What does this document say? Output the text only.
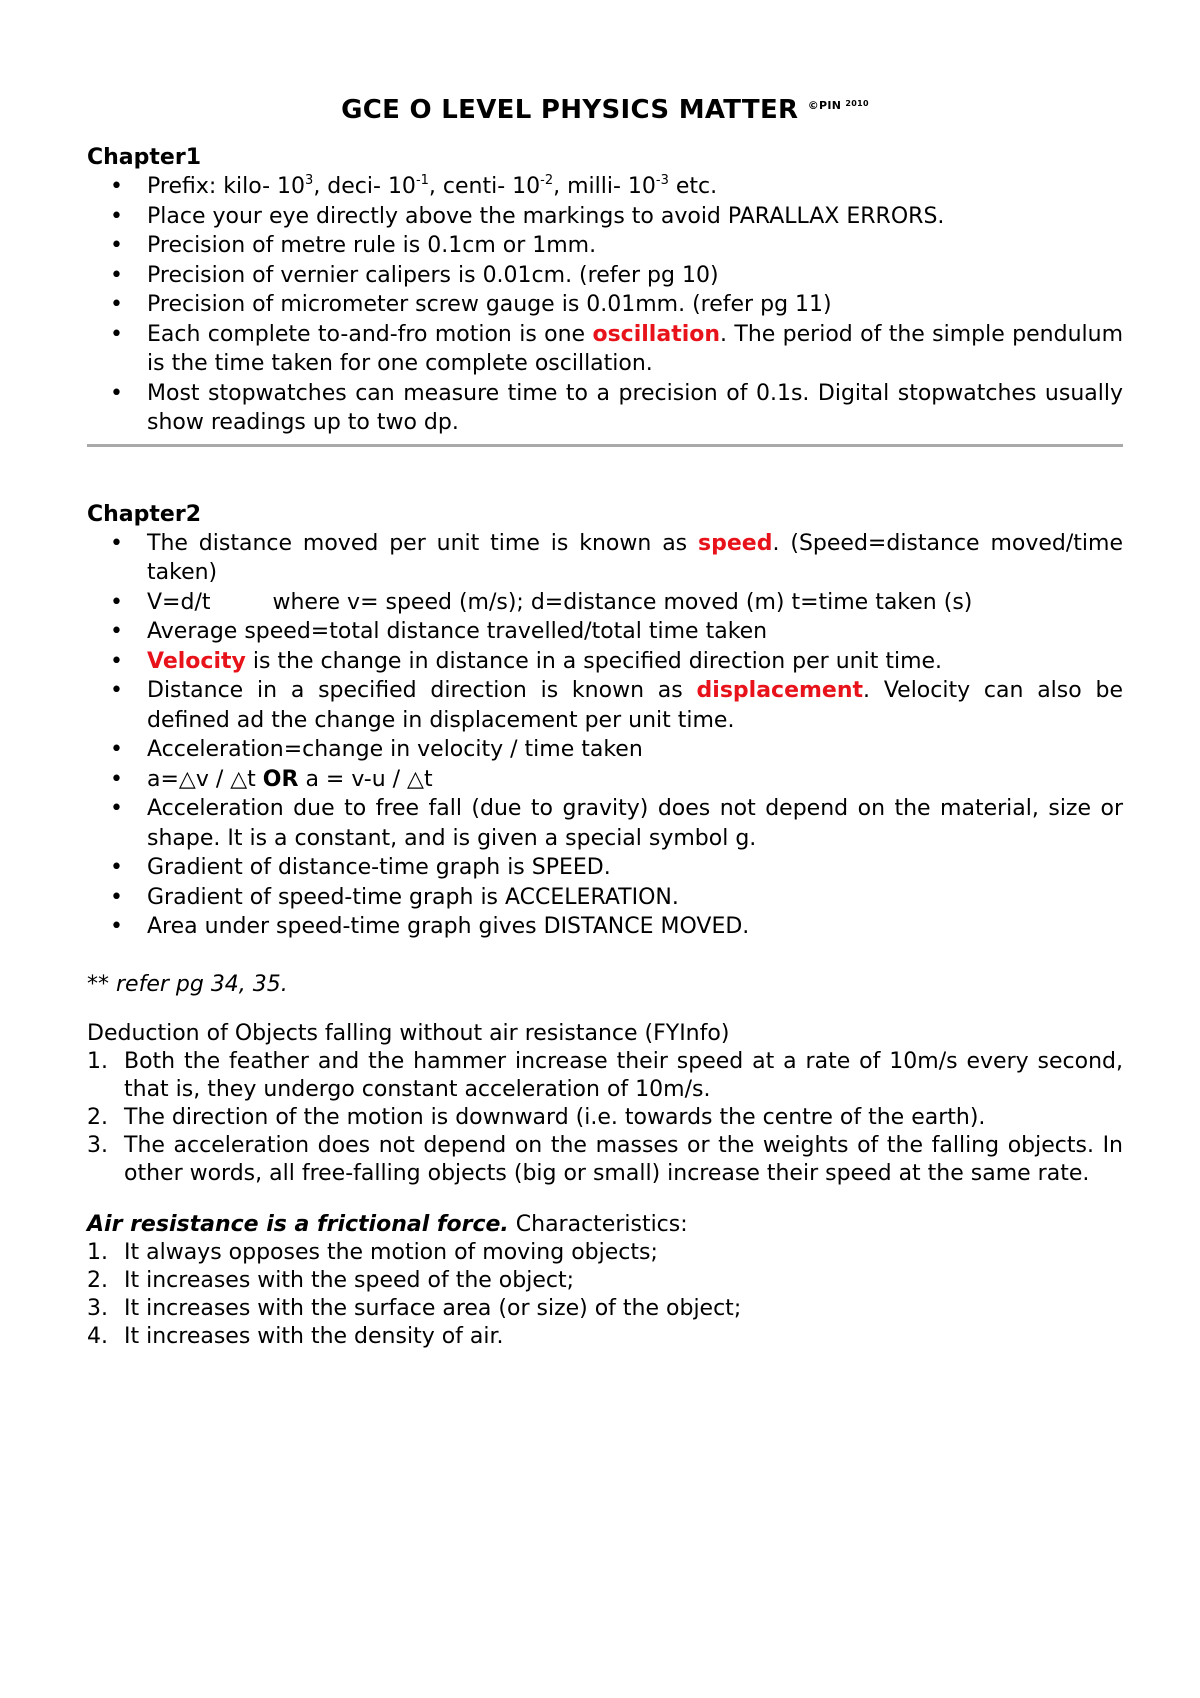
GCE O LEVEL PHYSICS MATTER $^{©PIN ^{2010}}$

Chapter1

• Prefix: kilo- $10^3$, deci- $10^{-1}$, centi- $10^{-2}$, milli- $10^{-3}$ etc.
• Place your eye directly above the markings to avoid PARALLAX ERRORS.
• Precision of metre rule is 0.1cm or 1mm.
• Precision of vernier calipers is 0.01cm. (refer pg 10)
• Precision of micrometer screw gauge is 0.01mm. (refer pg 11)
• Each complete to-and-fro motion is one oscillation. The period of the simple pendulum is the time taken for one complete oscillation.
• Most stopwatches can measure time to a precision of 0.1s. Digital stopwatches usually show readings up to two dp.

Chapter2

• The distance moved per unit time is known as speed. (Speed=distance moved/time taken)
• V=d/t	where v= speed (m/s); d=distance moved (m) t=time taken (s)
• Average speed=total distance travelled/total time taken
• Velocity is the change in distance in a specified direction per unit time.
• Distance in a specified direction is known as displacement. Velocity can also be defined ad the change in displacement per unit time.
• Acceleration=change in velocity / time taken
• a=△v / △t OR a = v-u / △t
• Acceleration due to free fall (due to gravity) does not depend on the material, size or shape. It is a constant, and is given a special symbol g.
• Gradient of distance-time graph is SPEED.
• Gradient of speed-time graph is ACCELERATION.
• Area under speed-time graph gives DISTANCE MOVED.

** refer pg 34, 35.

Deduction of Objects falling without air resistance (FYInfo)

1. Both the feather and the hammer increase their speed at a rate of 10m/s every second, that is, they undergo constant acceleration of 10m/s.
2. The direction of the motion is downward (i.e. towards the centre of the earth).
3. The acceleration does not depend on the masses or the weights of the falling objects. In other words, all free-falling objects (big or small) increase their speed at the same rate.

Air resistance is a frictional force. Characteristics:

1. It always opposes the motion of moving objects;
2. It increases with the speed of the object;
3. It increases with the surface area (or size) of the object;
4. It increases with the density of air.
